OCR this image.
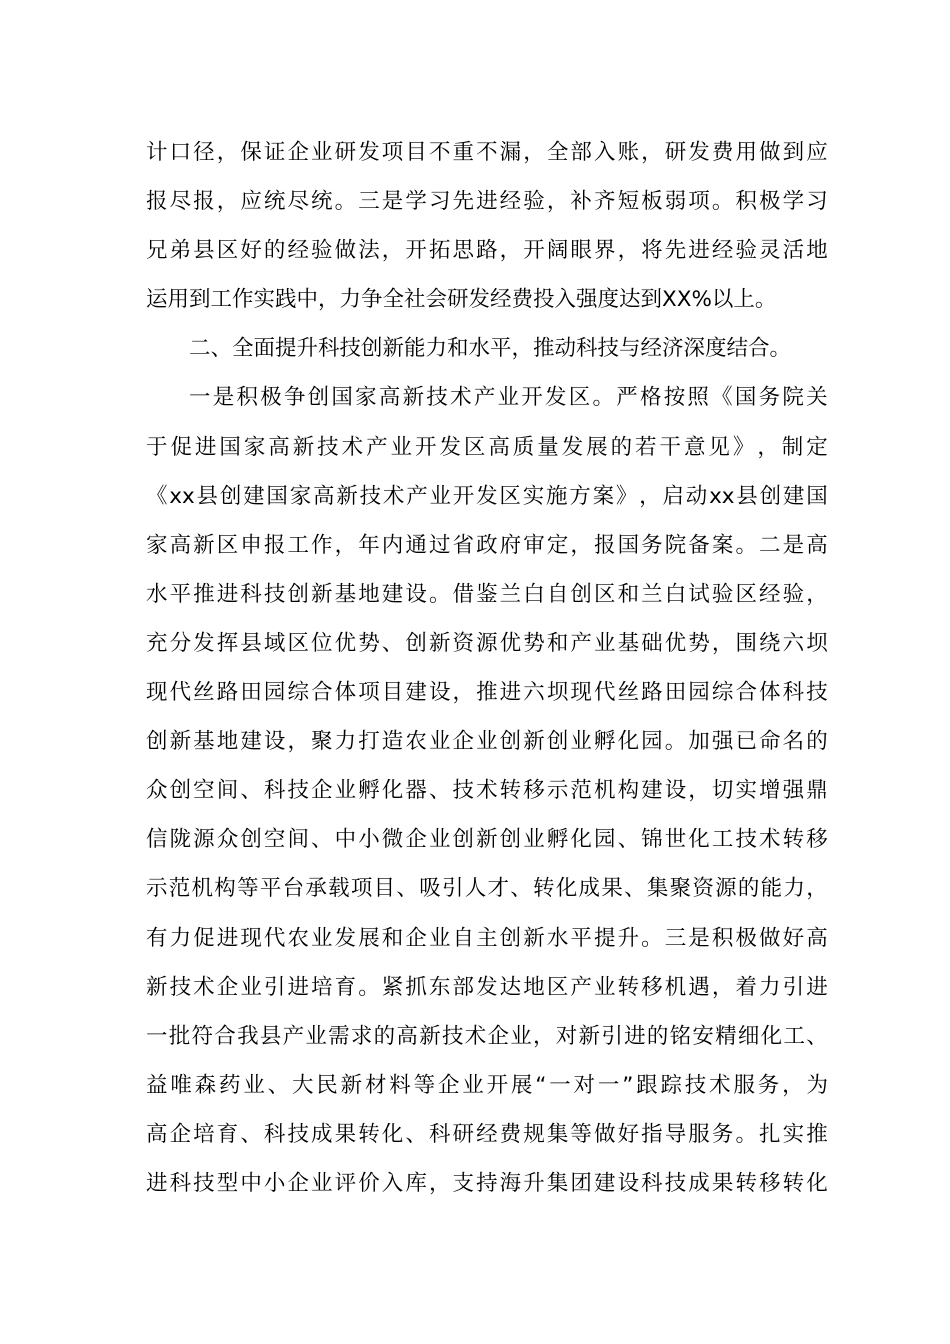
计 口 径 ， 保 证 企 业 研 发 项 目 不 重 不 漏 ， 全 部 入 账 ， 研 发 费 用 做 到 应
报 尽 报 ， 应 统 尽 统 。 三 是 学 习 先 进 经 验 ， 补 齐 短 板 弱 项 。 积 极 学 习
兄 弟 县 区 好 的 经 验 做 法 ， 开 拓 思 路 ， 开 阔 眼 界 ， 将 先 进 经 验 灵 活 地
运用到工作实践中，力争全社会研发经费投入强度达到XX%以上。
二、全面提升科技创新能力和水平，推动科技与经济深度结合。
一 是 积 极 争 创 国 家 高 新 技 术 产 业 开 发 区 。 严 格 按 照 《 国 务 院 关
于 促 进 国 家 高 新 技 术 产 业 开 发 区 高 质 量 发 展 的 若 干 意 见 》 ， 制 定
《 xx 县 创 建 国 家 高 新 技 术 产 业 开 发 区 实 施 方 案 》 ， 启 动 xx 县 创 建 国
家 高 新 区 申 报 工 作 ， 年 内 通 过 省 政 府 审 定 ， 报 国 务 院 备 案 。 二 是 高
水 平 推 进 科 技 创 新 基 地 建 设 。 借 鉴 兰 白 自 创 区 和 兰 白 试 验 区 经 验 ，
充 分 发 挥 县 域 区 位 优 势 、 创 新 资 源 优 势 和 产 业 基 础 优 势 ， 围 绕 六 坝
现 代 丝 路 田 园 综 合 体 项 目 建 设 ， 推 进 六 坝 现 代 丝 路 田 园 综 合 体 科 技
创 新 基 地 建 设 ， 聚 力 打 造 农 业 企 业 创 新 创 业 孵 化 园 。 加 强 已 命 名 的
众 创 空 间 、 科 技 企 业 孵 化 器 、 技 术 转 移 示 范 机 构 建 设 ， 切 实 增 强 鼎
信 陇 源 众 创 空 间 、 中 小 微 企 业 创 新 创 业 孵 化 园 、 锦 世 化 工 技 术 转 移
示 范 机 构 等 平 台 承 载 项 目 、 吸 引 人 才 、 转 化 成 果 、 集 聚 资 源 的 能 力 ，
有 力 促 进 现 代 农 业 发 展 和 企 业 自 主 创 新 水 平 提 升 。 三 是 积 极 做 好 高
新 技 术 企 业 引 进 培 育 。 紧 抓 东 部 发 达 地 区 产 业 转 移 机 遇 ， 着 力 引 进
一 批 符 合 我 县 产 业 需 求 的 高 新 技 术 企 业 ， 对 新 引 进 的 铭 安 精 细 化 工 、
益 唯 森 药 业 、 大 民 新 材 料 等 企 业 开 展 “ 一 对 一 ” 跟 踪 技 术 服 务 ， 为
高 企 培 育 、 科 技 成 果 转 化 、 科 研 经 费 规 集 等 做 好 指 导 服 务 。 扎 实 推
进 科 技 型 中 小 企 业 评 价 入 库 ， 支 持 海 升 集 团 建 设 科 技 成 果 转 移 转 化
